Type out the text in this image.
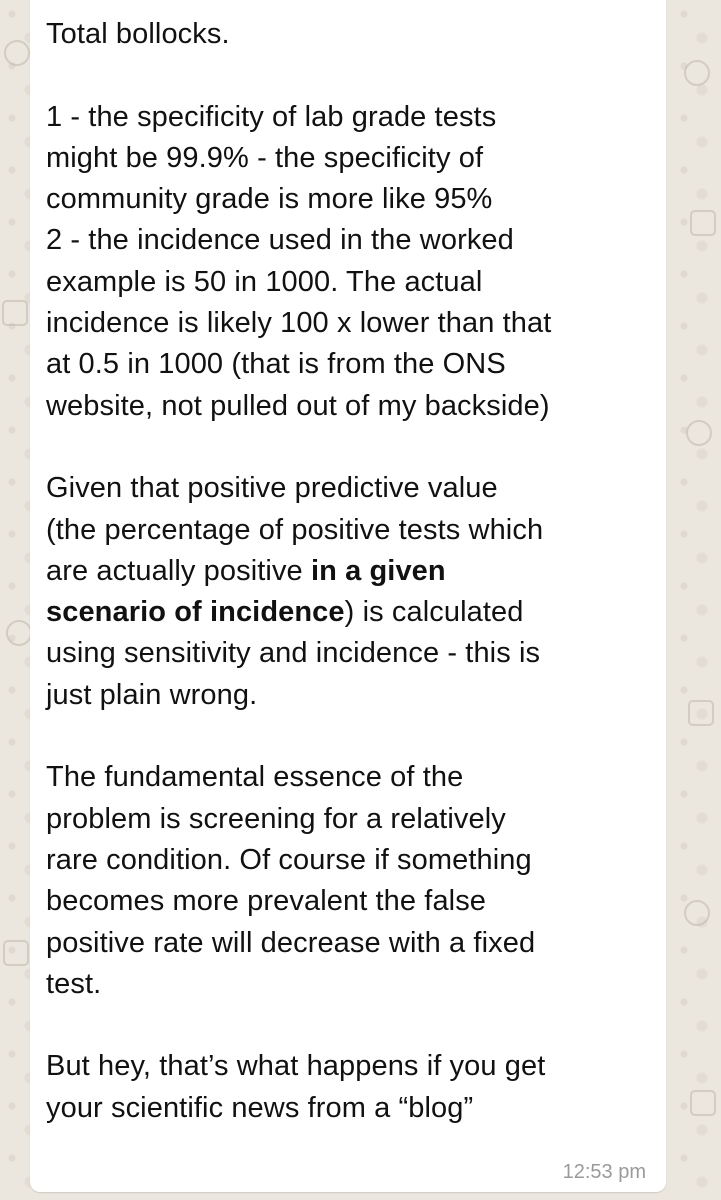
Total bollocks.

1 - the specificity of lab grade tests
might be 99.9% - the specificity of
community grade is more like 95%
2 - the incidence used in the worked
example is 50 in 1000. The actual
incidence is likely 100 x lower than that
at 0.5 in 1000 (that is from the ONS
website, not pulled out of my backside)

Given that positive predictive value
(the percentage of positive tests which
are actually positive in a given
scenario of incidence) is calculated
using sensitivity and incidence - this is
just plain wrong.

The fundamental essence of the
problem is screening for a relatively
rare condition. Of course if something
becomes more prevalent the false
positive rate will decrease with a fixed
test.

But hey, that’s what happens if you get
your scientific news from a “blog”

12:53 pm
